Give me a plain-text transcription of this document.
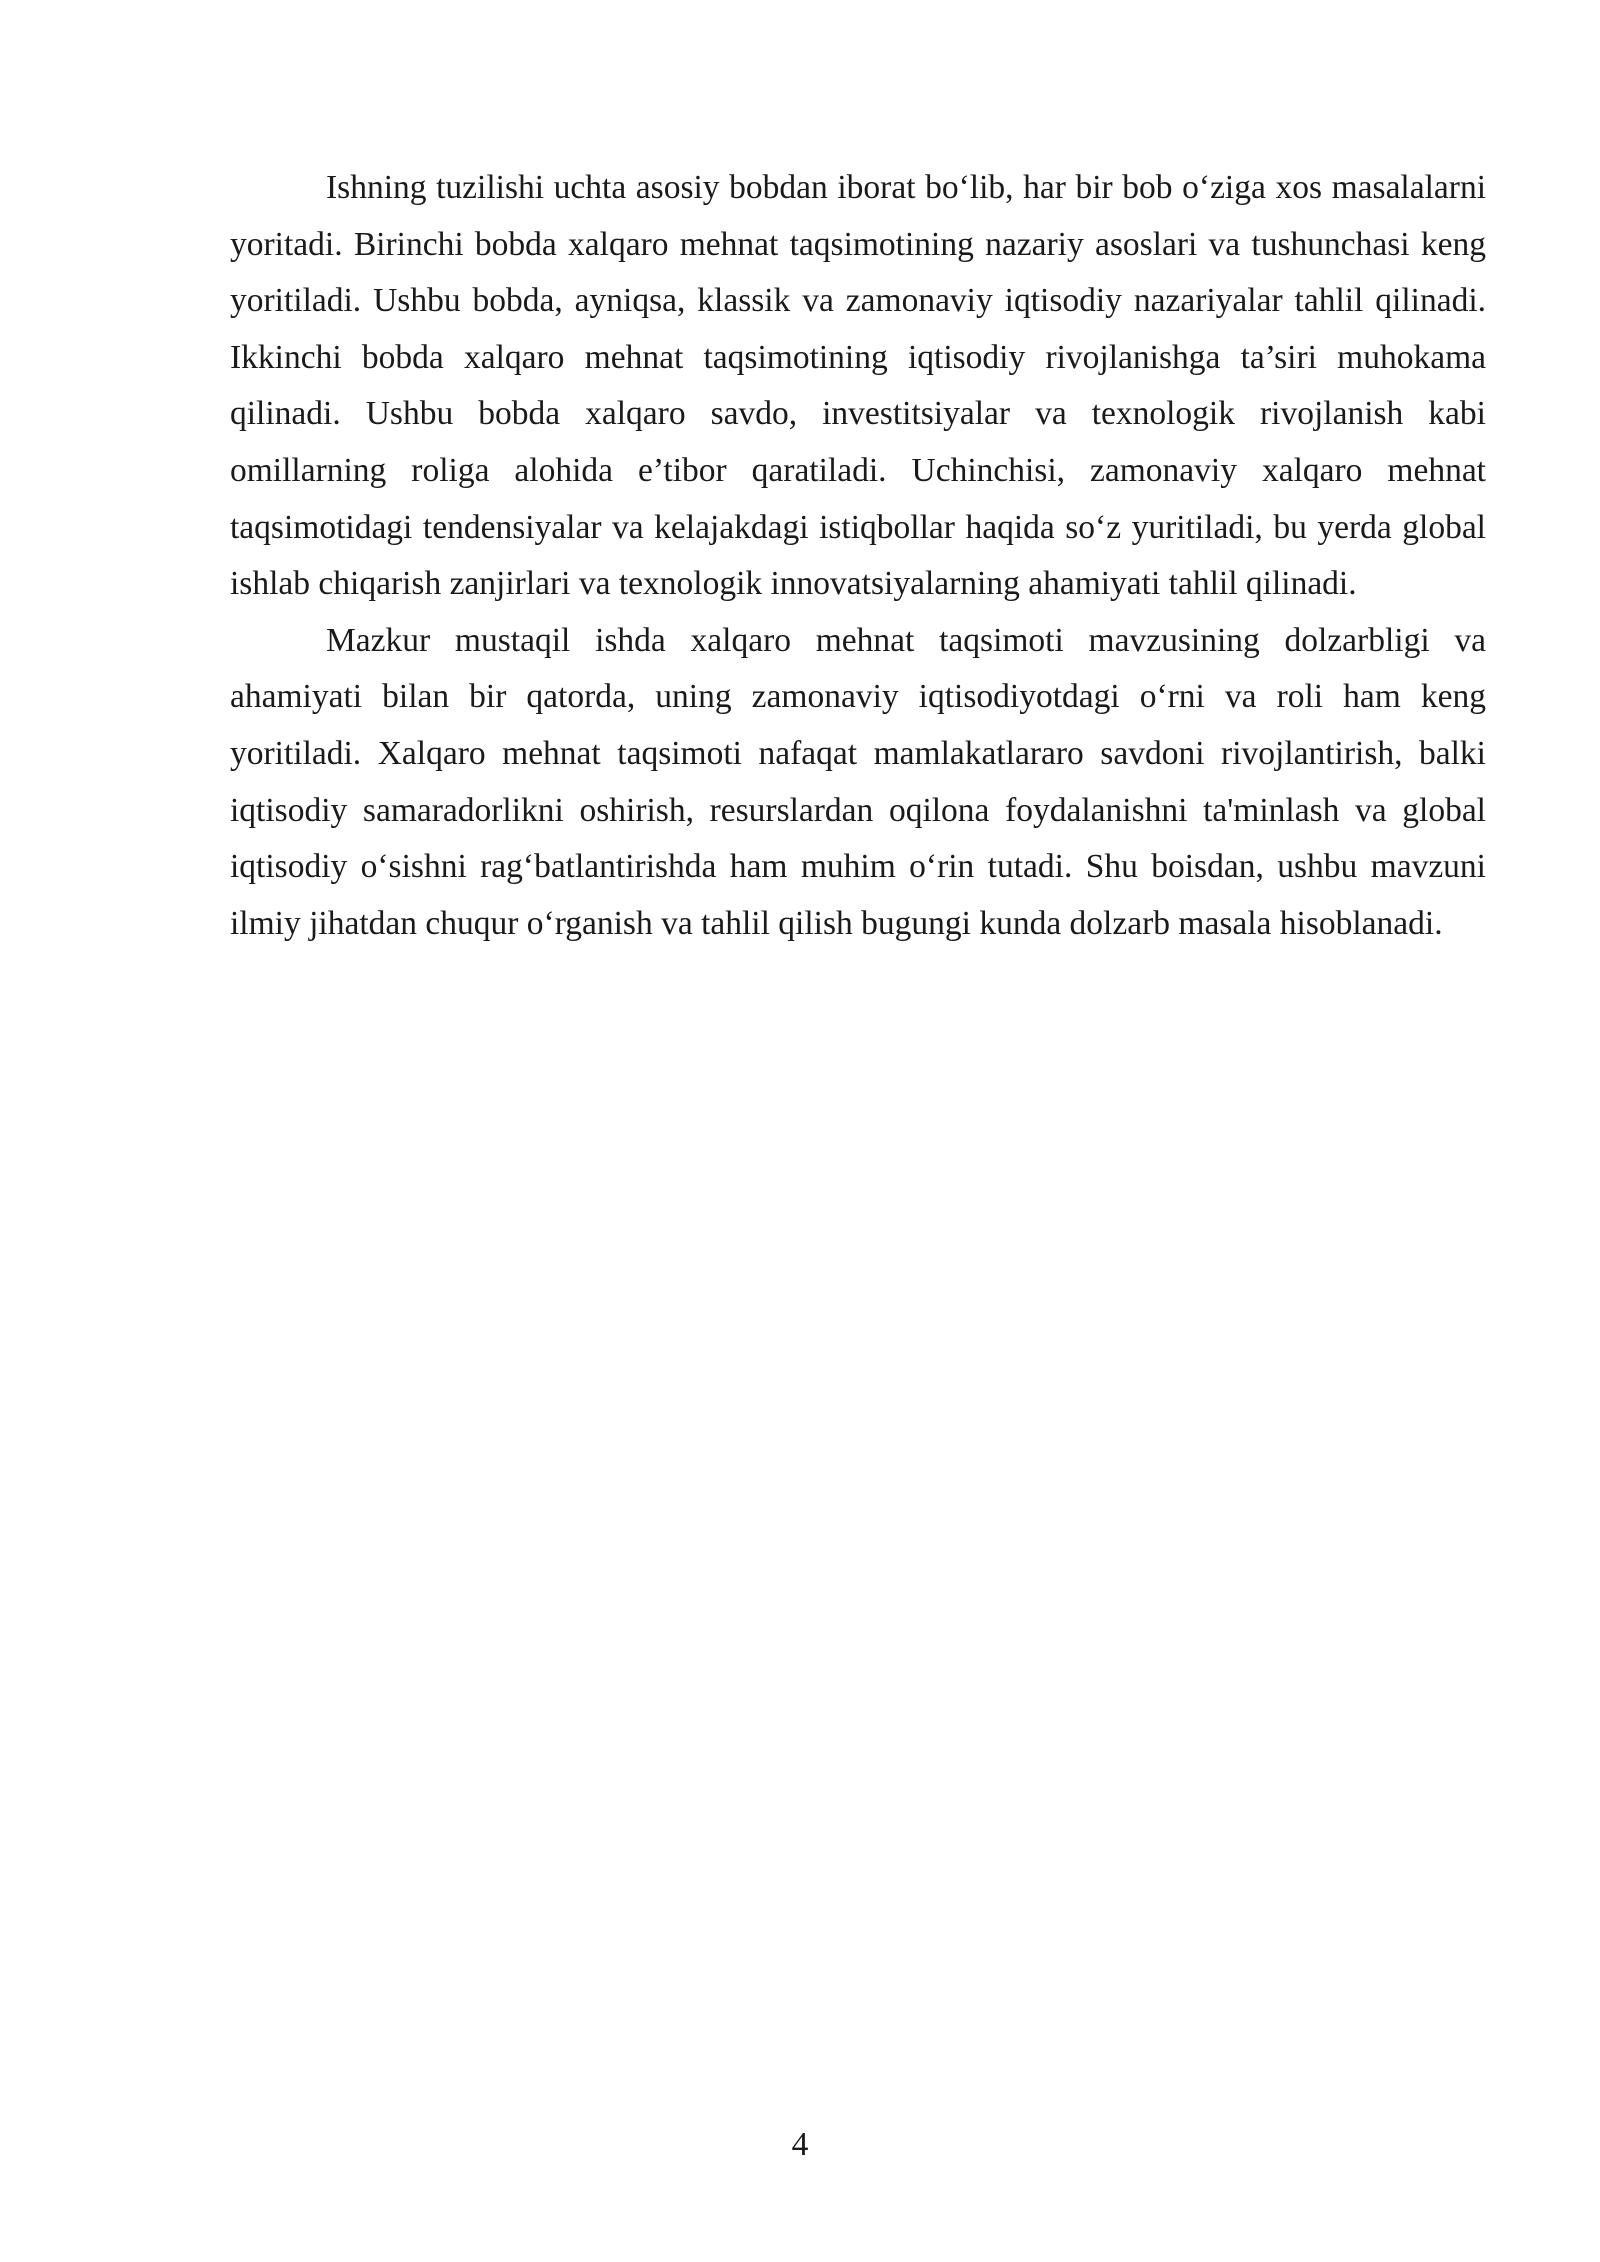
Ishning tuzilishi uchta asosiy bobdan iborat bo‘lib, har bir bob o‘ziga xos masalalarni yoritadi. Birinchi bobda xalqaro mehnat taqsimotining nazariy asoslari va tushunchasi keng yoritiladi. Ushbu bobda, ayniqsa, klassik va zamonaviy iqtisodiy nazariyalar tahlil qilinadi. Ikkinchi bobda xalqaro mehnat taqsimotining iqtisodiy rivojlanishga ta’siri muhokama qilinadi. Ushbu bobda xalqaro savdo, investitsiyalar va texnologik rivojlanish kabi omillarning roliga alohida e’tibor qaratiladi. Uchinchisi, zamonaviy xalqaro mehnat taqsimotidagi tendensiyalar va kelajakdagi istiqbollar haqida so‘z yuritiladi, bu yerda global ishlab chiqarish zanjirlari va texnologik innovatsiyalarning ahamiyati tahlil qilinadi.

Mazkur mustaqil ishda xalqaro mehnat taqsimoti mavzusining dolzarbligi va ahamiyati bilan bir qatorda, uning zamonaviy iqtisodiyotdagi o‘rni va roli ham keng yoritiladi. Xalqaro mehnat taqsimoti nafaqat mamlakatlararo savdoni rivojlantirish, balki iqtisodiy samaradorlikni oshirish, resurslardan oqilona foydalanishni ta'minlash va global iqtisodiy o‘sishni rag‘batlantirishda ham muhim o‘rin tutadi. Shu boisdan, ushbu mavzuni ilmiy jihatdan chuqur o‘rganish va tahlil qilish bugungi kunda dolzarb masala hisoblanadi.

4
